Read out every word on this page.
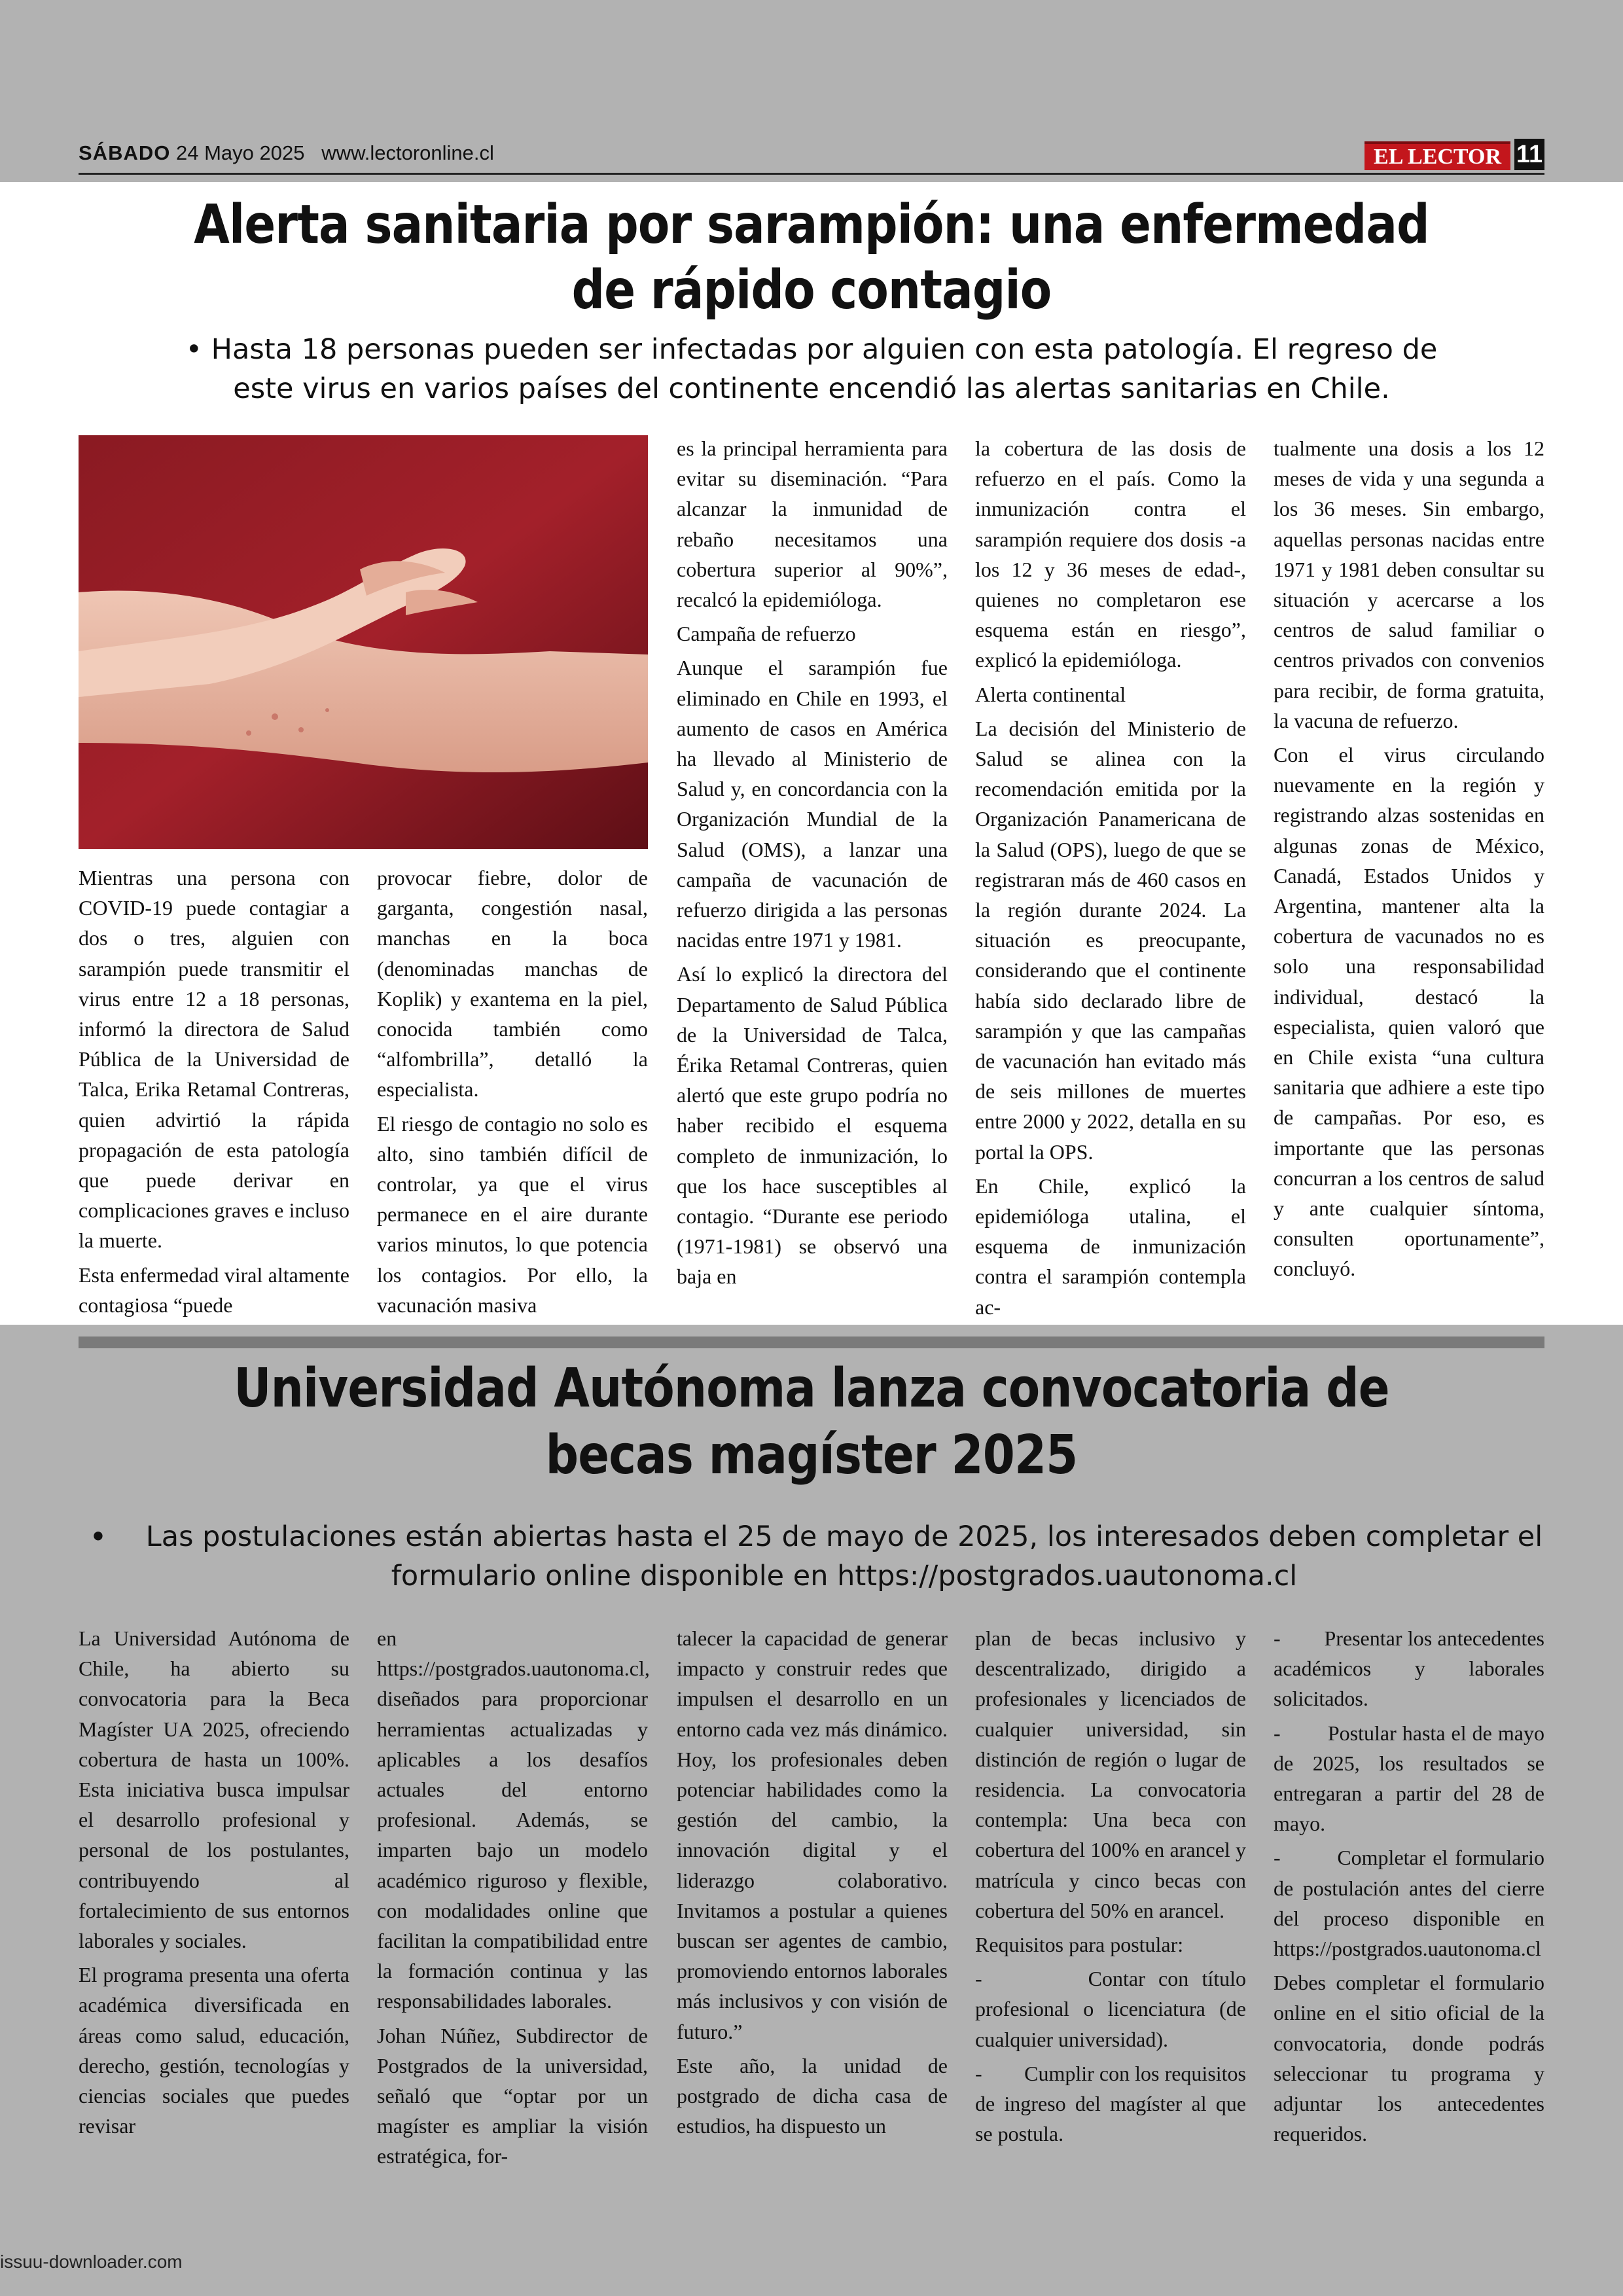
SÁBADO 24 Mayo 2025 www.lectoronline.cl	EL LECTOR 11
Alerta sanitaria por sarampión: una enfermedad
de rápido contagio
• Hasta 18 personas pueden ser infectadas por alguien con esta patología. El regreso de
este virus en varios países del continente encendió las alertas sanitarias en Chile.

Mientras una persona con COVID-19 puede contagiar a dos o tres, alguien con sarampión puede transmitir el virus entre 12 a 18 personas, informó la directora de Salud Pública de la Universidad de Talca, Erika Retamal Contreras, quien advirtió la rápida propagación de esta patología que puede derivar en complicaciones graves e incluso la muerte.

Esta enfermedad viral altamente contagiosa “puede

provocar fiebre, dolor de garganta, congestión nasal, manchas en la boca (denominadas manchas de Koplik) y exantema en la piel, conocida también como “alfombrilla”, detalló la especialista.

El riesgo de contagio no solo es alto, sino también difícil de controlar, ya que el virus permanece en el aire durante varios minutos, lo que potencia los contagios. Por ello, la vacunación masiva

es la principal herramienta para evitar su diseminación. “Para alcanzar la inmunidad de rebaño necesitamos una cobertura superior al 90%”, recalcó la epidemióloga.

Campaña de refuerzo

Aunque el sarampión fue eliminado en Chile en 1993, el aumento de casos en América ha llevado al Ministerio de Salud y, en concordancia con la Organización Mundial de la Salud (OMS), a lanzar una campaña de vacunación de refuerzo dirigida a las personas nacidas entre 1971 y 1981.

Así lo explicó la directora del Departamento de Salud Pública de la Universidad de Talca, Érika Retamal Contreras, quien alertó que este grupo podría no haber recibido el esquema completo de inmunización, lo que los hace susceptibles al contagio. “Durante ese periodo (1971-1981) se observó una baja en

la cobertura de las dosis de refuerzo en el país. Como la inmunización contra el sarampión requiere dos dosis -a los 12 y 36 meses de edad-, quienes no completaron ese esquema están en riesgo”, explicó la epidemióloga.

Alerta continental

La decisión del Ministerio de Salud se alinea con la recomendación emitida por la Organización Panamericana de la Salud (OPS), luego de que se registraran más de 460 casos en la región durante 2024. La situación es preocupante, considerando que el continente había sido declarado libre de sarampión y que las campañas de vacunación han evitado más de seis millones de muertes entre 2000 y 2022, detalla en su portal la OPS.

En Chile, explicó la epidemióloga utalina, el esquema de inmunización contra el sarampión contempla ac-

tualmente una dosis a los 12 meses de vida y una segunda a los 36 meses. Sin embargo, aquellas personas nacidas entre 1971 y 1981 deben consultar su situación y acercarse a los centros de salud familiar o centros privados con convenios para recibir, de forma gratuita, la vacuna de refuerzo.

Con el virus circulando nuevamente en la región y registrando alzas sostenidas en algunas zonas de México, Canadá, Estados Unidos y Argentina, mantener alta la cobertura de vacunados no es solo una responsabilidad individual, destacó la especialista, quien valoró que en Chile exista “una cultura sanitaria que adhiere a este tipo de campañas. Por eso, es importante que las personas concurran a los centros de salud y ante cualquier síntoma, consulten oportunamente”, concluyó.

Universidad Autónoma lanza convocatoria de
becas magíster 2025
•	Las postulaciones están abiertas hasta el 25 de mayo de 2025, los interesados deben completar el
formulario online disponible en https://postgrados.uautonoma.cl

La Universidad Autónoma de Chile, ha abierto su convocatoria para la Beca Magíster UA 2025, ofreciendo cobertura de hasta un 100%. Esta iniciativa busca impulsar el desarrollo profesional y personal de los postulantes, contribuyendo al fortalecimiento de sus entornos laborales y sociales.

El programa presenta una oferta académica diversificada en áreas como salud, educación, derecho, gestión, tecnologías y ciencias sociales que puedes revisar

en https://postgrados.uautonoma.cl, diseñados para proporcionar herramientas actualizadas y aplicables a los desafíos actuales del entorno profesional. Además, se imparten bajo un modelo académico riguroso y flexible, con modalidades online que facilitan la compatibilidad entre la formación continua y las responsabilidades laborales.

Johan Núñez, Subdirector de Postgrados de la universidad, señaló que “optar por un magíster es ampliar la visión estratégica, for-

talecer la capacidad de generar impacto y construir redes que impulsen el desarrollo en un entorno cada vez más dinámico. Hoy, los profesionales deben potenciar habilidades como la gestión del cambio, la innovación digital y el liderazgo colaborativo. Invitamos a postular a quienes buscan ser agentes de cambio, promoviendo entornos laborales más inclusivos y con visión de futuro.”

Este año, la unidad de postgrado de dicha casa de estudios, ha dispuesto un

plan de becas inclusivo y descentralizado, dirigido a profesionales y licenciados de cualquier universidad, sin distinción de región o lugar de residencia. La convocatoria contempla: Una beca con cobertura del 100% en arancel y matrícula y cinco becas con cobertura del 50% en arancel.

Requisitos para postular:

-        Contar con título profesional o licenciatura (de cualquier universidad).

-        Cumplir con los requisitos de ingreso del magíster al que se postula.

-        Presentar los antecedentes académicos y laborales solicitados.

-        Postular hasta el de mayo de 2025, los resultados se entregaran a partir del 28 de mayo.

-        Completar el formulario de postulación antes del cierre del proceso disponible en https://postgrados.uautonoma.cl

Debes completar el formulario online en el sitio oficial de la convocatoria, donde podrás seleccionar tu programa y adjuntar los antecedentes requeridos.

issuu-downloader.com
